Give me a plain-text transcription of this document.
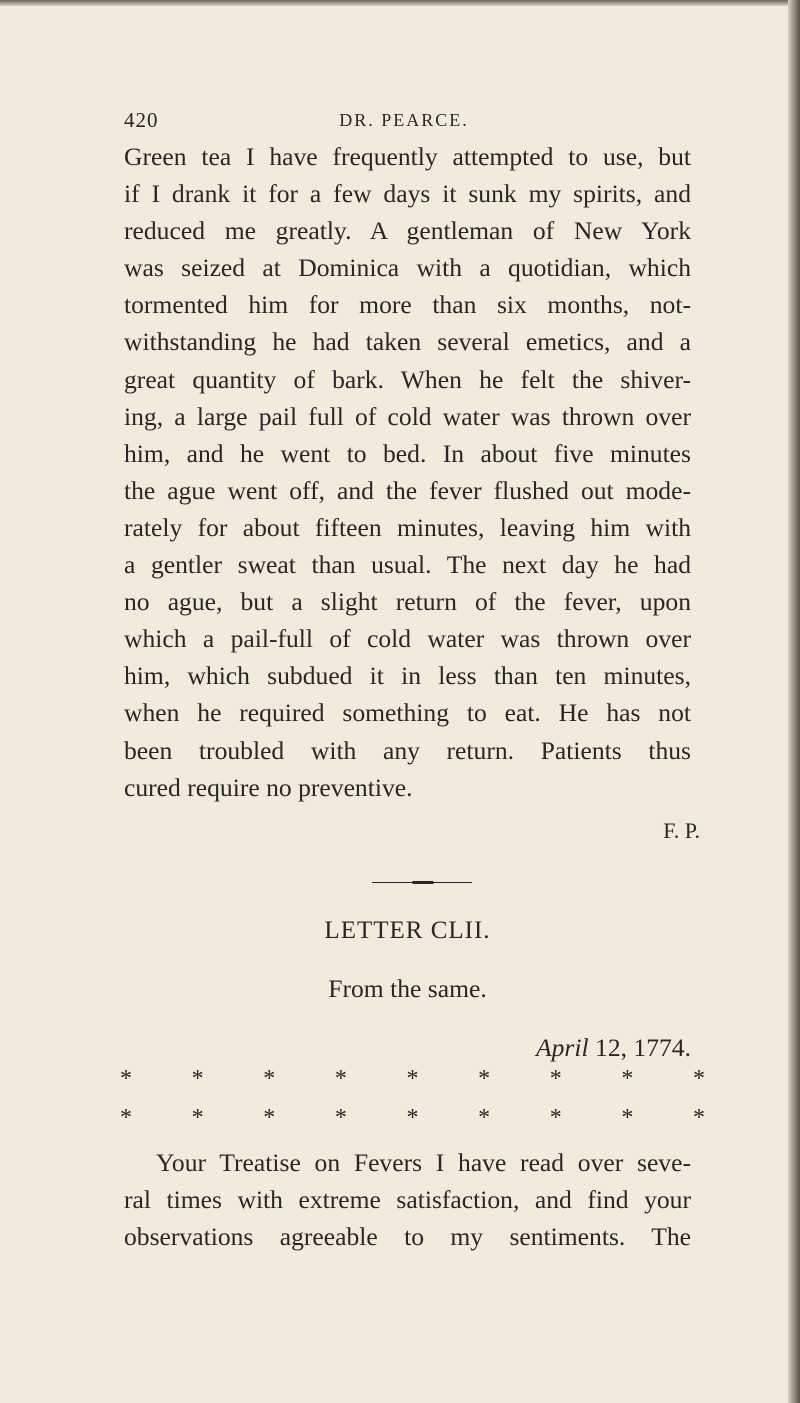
420	DR. PEARCE.
Green tea I have frequently attempted to use, but
if I drank it for a few days it sunk my spirits, and
reduced me greatly. A gentleman of New York
was seized at Dominica with a quotidian, which
tormented him for more than six months, not-
withstanding he had taken several emetics, and a
great quantity of bark. When he felt the shiver-
ing, a large pail full of cold water was thrown over
him, and he went to bed. In about five minutes
the ague went off, and the fever flushed out mode-
rately for about fifteen minutes, leaving him with
a gentler sweat than usual. The next day he had
no ague, but a slight return of the fever, upon
which a pail-full of cold water was thrown over
him, which subdued it in less than ten minutes,
when he required something to eat. He has not
been troubled with any return. Patients thus
cured require no preventive.
F. P.
LETTER CLII.
From the same.
April 12, 1774.
* * * * * * * * *
* * * * * * * * *
Your Treatise on Fevers I have read over seve-
ral times with extreme satisfaction, and find your
observations agreeable to my sentiments. The
